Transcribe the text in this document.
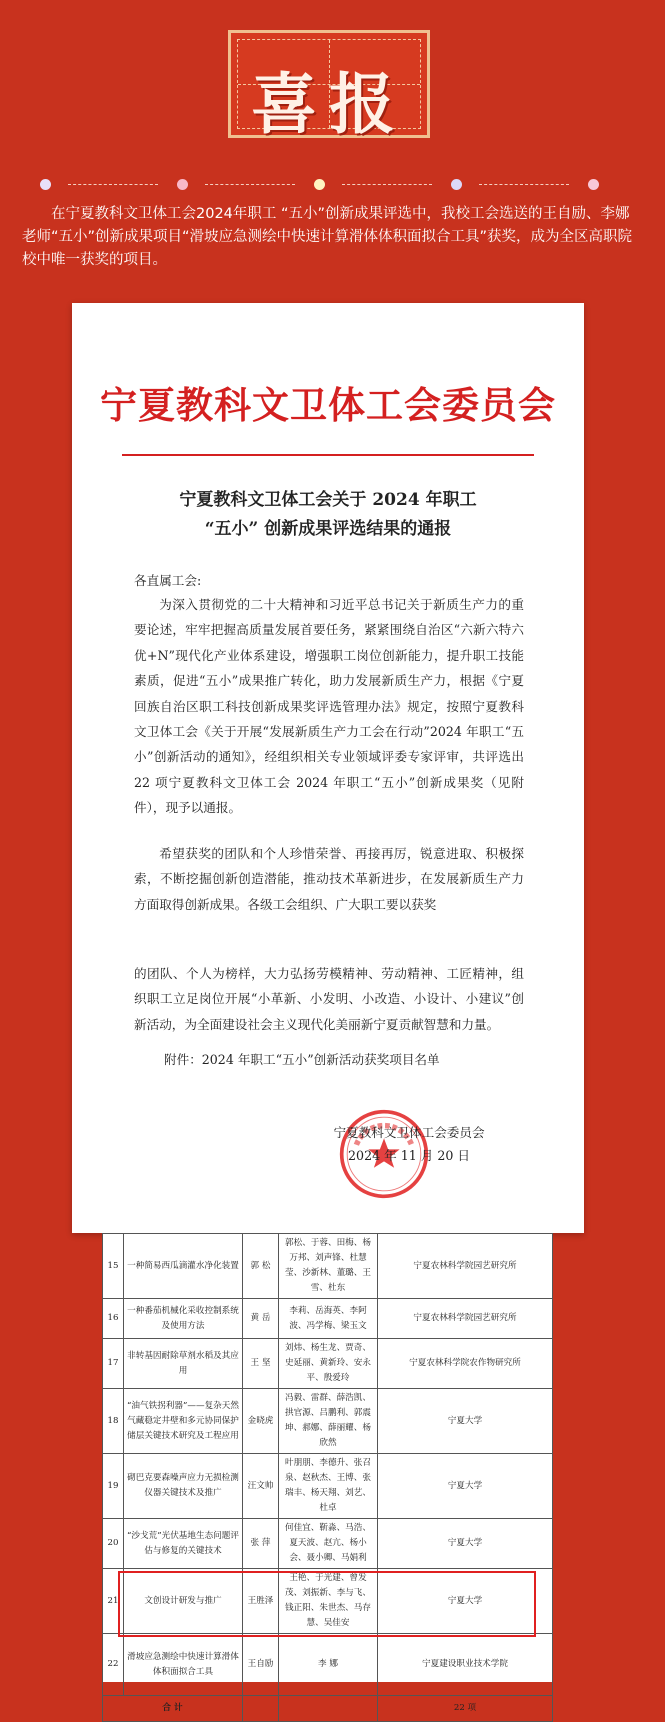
喜报
在宁夏教科文卫体工会2024年职工 “五小”创新成果评选中，我校工会选送的王自励、李娜老师“五小”创新成果项目“滑坡应急测绘中快速计算滑体体积面拟合工具”获奖，成为全区高职院校中唯一获奖的项目。
宁夏教科文卫体工会委员会
宁夏教科文卫体工会关于 2024 年职工
“五小” 创新成果评选结果的通报
各直属工会:
为深入贯彻党的二十大精神和习近平总书记关于新质生产力的重要论述，牢牢把握高质量发展首要任务，紧紧围绕自治区“六新六特六优+N”现代化产业体系建设，增强职工岗位创新能力，提升职工技能素质，促进“五小”成果推广转化，助力发展新质生产力，根据《宁夏回族自治区职工科技创新成果奖评选管理办法》规定，按照宁夏教科文卫体工会《关于开展“发展新质生产力工会在行动”2024 年职工“五小”创新活动的通知》，经组织相关专业领域评委专家评审，共评选出 22 项宁夏教科文卫体工会 2024 年职工“五小”创新成果奖（见附件），现予以通报。
希望获奖的团队和个人珍惜荣誉、再接再厉，锐意进取、积极探索，不断挖掘创新创造潜能，推动技术革新进步，在发展新质生产力方面取得创新成果。各级工会组织、广大职工要以获奖
的团队、个人为榜样，大力弘扬劳模精神、劳动精神、工匠精神，组织职工立足岗位开展“小革新、小发明、小改造、小设计、小建议”创新活动，为全面建设社会主义现代化美丽新宁夏贡献智慧和力量。
附件：2024 年职工“五小”创新活动获奖项目名单
宁夏教科文卫体工会委员会
2024 年 11 月 20 日
15	一种简易西瓜滴灌水净化装置	郭 松	郭松、于蓉、田梅、杨万邦、刘声锋、杜慧莹、沙新林、董璐、王雪、杜东	宁夏农林科学院园艺研究所
16	一种番茄机械化采收控制系统及使用方法	黄 岳	李莉、岳海英、李阿波、冯学梅、梁玉文	宁夏农林科学院园艺研究所
17	非转基因耐除草剂水稻及其应用	王 坚	刘炜、杨生龙、贾奇、史延丽、黄新玲、安永平、殷爱玲	宁夏农林科学院农作物研究所
18	“油气铁拐利器”——复杂天然气藏稳定井壁和多元协同保护储层关键技术研究及工程应用	金晓虎	冯毅、雷群、薛浩凯、拱官源、吕鹏利、郭震坤、郝娜、薛丽耀、杨欣然	宁夏大学
19	砌巴克要森噪声应力无损检测仪器关键技术及推广	汪文帅	叶朋朋、李德升、张召泉、赵秋杰、王博、张瑞丰、杨天翔、刘艺、杜卓	宁夏大学
20	“沙戈荒”光伏基地生态问题评估与修复的关键技术	张 萍	何佳宜、靳淼、马浩、夏天波、赵亢、杨小会、聂小卿、马娟利	宁夏大学
21	文创设计研发与推广	王胜泽	王艳、于光建、曾发茂、刘振新、李与飞、钱正阳、朱世杰、马存慧、吴佳安	宁夏大学
22	滑坡应急测绘中快速计算滑体体积面拟合工具	王自励	李 娜	宁夏建设职业技术学院
合 计				22 项
